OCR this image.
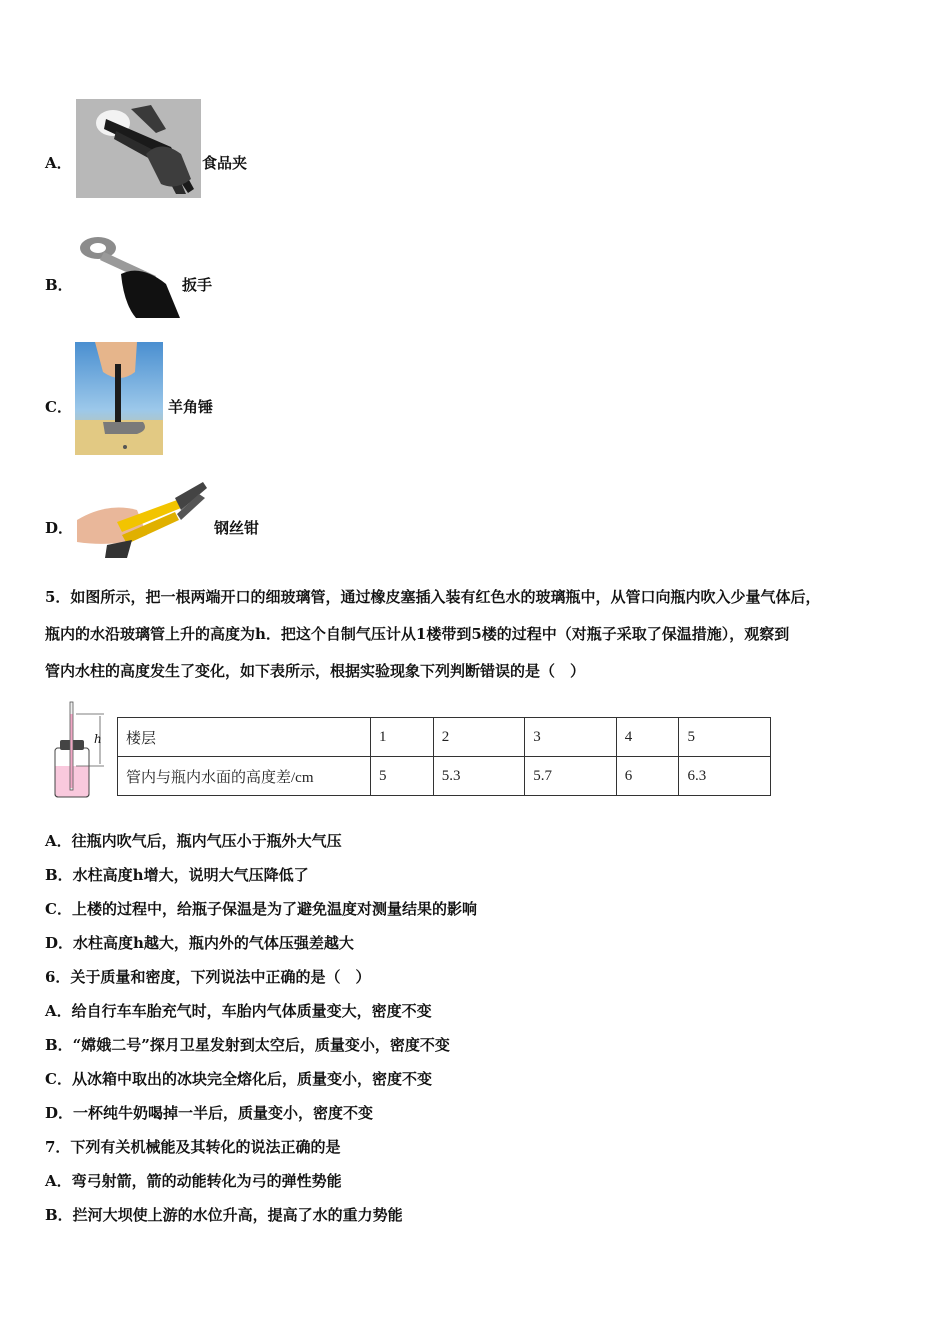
A．	食品夹
B．	扳手
C．	羊角锤
D．	钢丝钳
5．如图所示，把一根两端开口的细玻璃管，通过橡皮塞插入装有红色水的玻璃瓶中，从管口向瓶内吹入少量气体后，
瓶内的水沿玻璃管上升的高度为h．把这个自制气压计从1楼带到5楼的过程中（对瓶子采取了保温措施），观察到
管内水柱的高度发生了变化，如下表所示，根据实验现象下列判断错误的是（　）
h 楼层	1	2	3	4	5
管内与瓶内水面的高度差/cm	5	5.3	5.7	6	6.3
A．往瓶内吹气后，瓶内气压小于瓶外大气压
B．水柱高度h增大，说明大气压降低了
C．上楼的过程中，给瓶子保温是为了避免温度对测量结果的影响
D．水柱高度h越大，瓶内外的气体压强差越大
6．关于质量和密度，下列说法中正确的是（　）
A．给自行车车胎充气时，车胎内气体质量变大，密度不变
B．“嫦娥二号”探月卫星发射到太空后，质量变小，密度不变
C．从冰箱中取出的冰块完全熔化后，质量变小，密度不变
D．一杯纯牛奶喝掉一半后，质量变小，密度不变
7．下列有关机械能及其转化的说法正确的是
A．弯弓射箭，箭的动能转化为弓的弹性势能
B．拦河大坝使上游的水位升高，提高了水的重力势能
